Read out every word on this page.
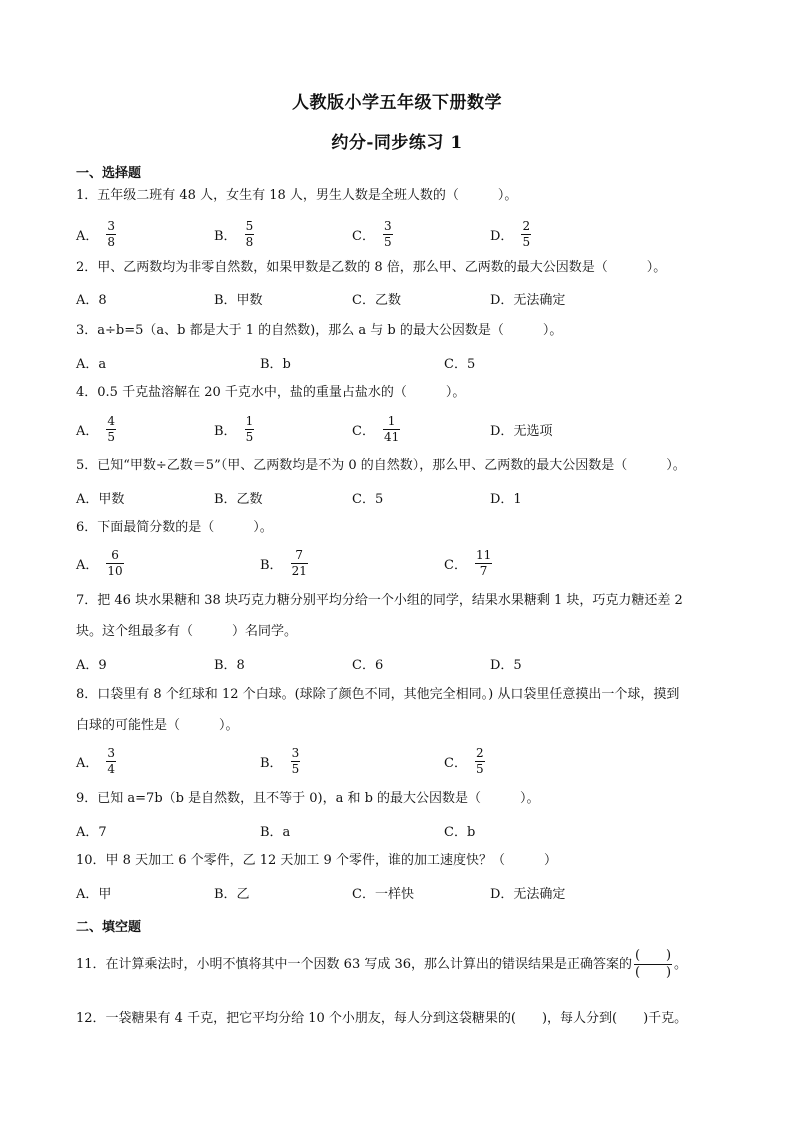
人教版小学五年级下册数学
约分-同步练习 1
一、选择题
1．五年级二班有 48 人，女生有 18 人，男生人数是全班人数的（　　　）。
A． $\frac{3}{8}$	B． $\frac{5}{8}$	C． $\frac{3}{5}$	D． $\frac{2}{5}$
2．甲、乙两数均为非零自然数，如果甲数是乙数的 8 倍，那么甲、乙两数的最大公因数是（　　　）。
A．8	B．甲数	C．乙数	D．无法确定
3．a÷b=5（a、b 都是大于 1 的自然数)，那么 a 与 b 的最大公因数是（　　　）。
A．a	B．b	C．5
4．0.5 千克盐溶解在 20 千克水中，盐的重量占盐水的（　　　）。
A． $\frac{4}{5}$	B． $\frac{1}{5}$	C． $\frac{1}{41}$	D． 无选项
5．已知“甲数÷乙数＝5”（甲、乙两数均是不为 0 的自然数），那么甲、乙两数的最大公因数是（　　　）。
A．甲数	B．乙数	C．5	D．1
6．下面最简分数的是（　　　）。
A． $\frac{6}{10}$	B． $\frac{7}{21}$	C． $\frac{11}{7}$
7．把 46 块水果糖和 38 块巧克力糖分别平均分给一个小组的同学，结果水果糖剩 1 块，巧克力糖还差 2
块。这个组最多有（　　　）名同学。
A．9	B．8	C．6	D．5
8．口袋里有 8 个红球和 12 个白球。(球除了颜色不同，其他完全相同。) 从口袋里任意摸出一个球，摸到
白球的可能性是（　　　）。
A． $\frac{3}{4}$	B． $\frac{3}{5}$	C． $\frac{2}{5}$
9．已知 a=7b（b 是自然数，且不等于 0)，a 和 b 的最大公因数是（　　　）。
A．7	B．a	C．b
10．甲 8 天加工 6 个零件，乙 12 天加工 9 个零件，谁的加工速度快？（　　　）
A．甲	B．乙	C．一样快	D．无法确定
二、填空题
11．在计算乘法时，小明不慎将其中一个因数 63 写成 36，那么计算出的错误结果是正确答案的 $\frac{( )}{( )}$ 。
12．一袋糖果有 4 千克，把它平均分给 10 个小朋友，每人分到这袋糖果的(　　)，每人分到(　　)千克。
